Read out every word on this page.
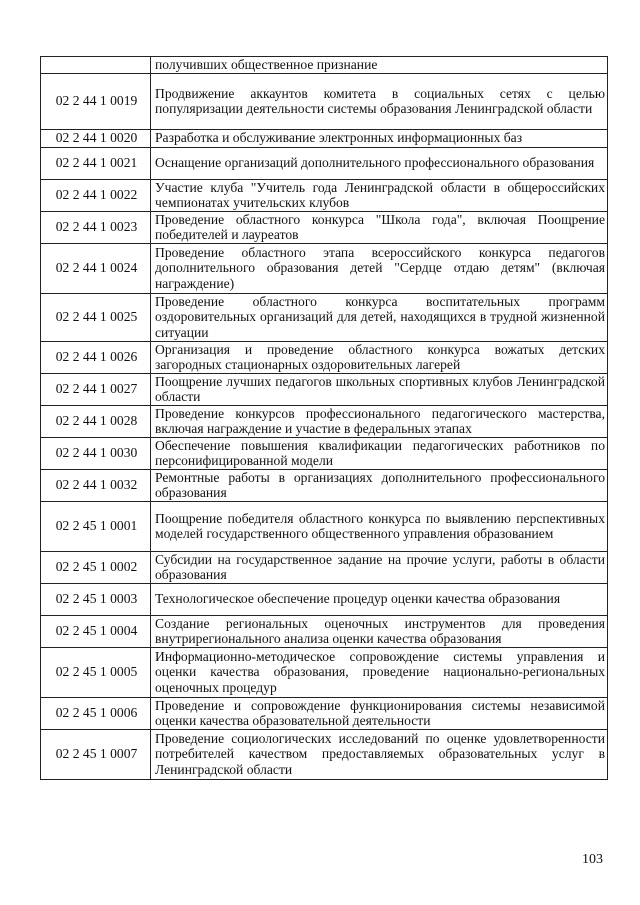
	получивших общественное признание
02 2 44 1 0019	Продвижение аккаунтов комитета в социальных сетях с целью популяризации деятельности системы образования Ленинградской области
02 2 44 1 0020	Разработка и обслуживание электронных информационных баз
02 2 44 1 0021	Оснащение организаций дополнительного профессионального образования
02 2 44 1 0022	Участие клуба "Учитель года Ленинградской области в общероссийских чемпионатах учительских клубов
02 2 44 1 0023	Проведение областного конкурса "Школа года", включая Поощрение победителей и лауреатов
02 2 44 1 0024	Проведение областного этапа всероссийского конкурса педагогов дополнительного образования детей "Сердце отдаю детям" (включая награждение)
02 2 44 1 0025	Проведение областного конкурса воспитательных программ оздоровительных организаций для детей, находящихся в трудной жизненной ситуации
02 2 44 1 0026	Организация и проведение областного конкурса вожатых детских загородных стационарных оздоровительных лагерей
02 2 44 1 0027	Поощрение лучших педагогов школьных спортивных клубов Ленинградской области
02 2 44 1 0028	Проведение конкурсов профессионального педагогического мастерства, включая награждение и участие в федеральных этапах
02 2 44 1 0030	Обеспечение повышения квалификации педагогических работников по персонифицированной модели
02 2 44 1 0032	Ремонтные работы в организациях дополнительного профессионального образования
02 2 45 1 0001	Поощрение победителя областного конкурса по выявлению перспективных моделей государственного общественного управления образованием
02 2 45 1 0002	Субсидии на государственное задание на прочие услуги, работы в области образования
02 2 45 1 0003	Технологическое обеспечение процедур оценки качества образования
02 2 45 1 0004	Создание региональных оценочных инструментов для проведения внутрирегионального анализа оценки качества образования
02 2 45 1 0005	Информационно-методическое сопровождение системы управления и оценки качества образования, проведение национально-региональных оценочных процедур
02 2 45 1 0006	Проведение и сопровождение функционирования системы независимой оценки качества образовательной деятельности
02 2 45 1 0007	Проведение социологических исследований по оценке удовлетворенности потребителей качеством предоставляемых образовательных услуг в Ленинградской области
103
